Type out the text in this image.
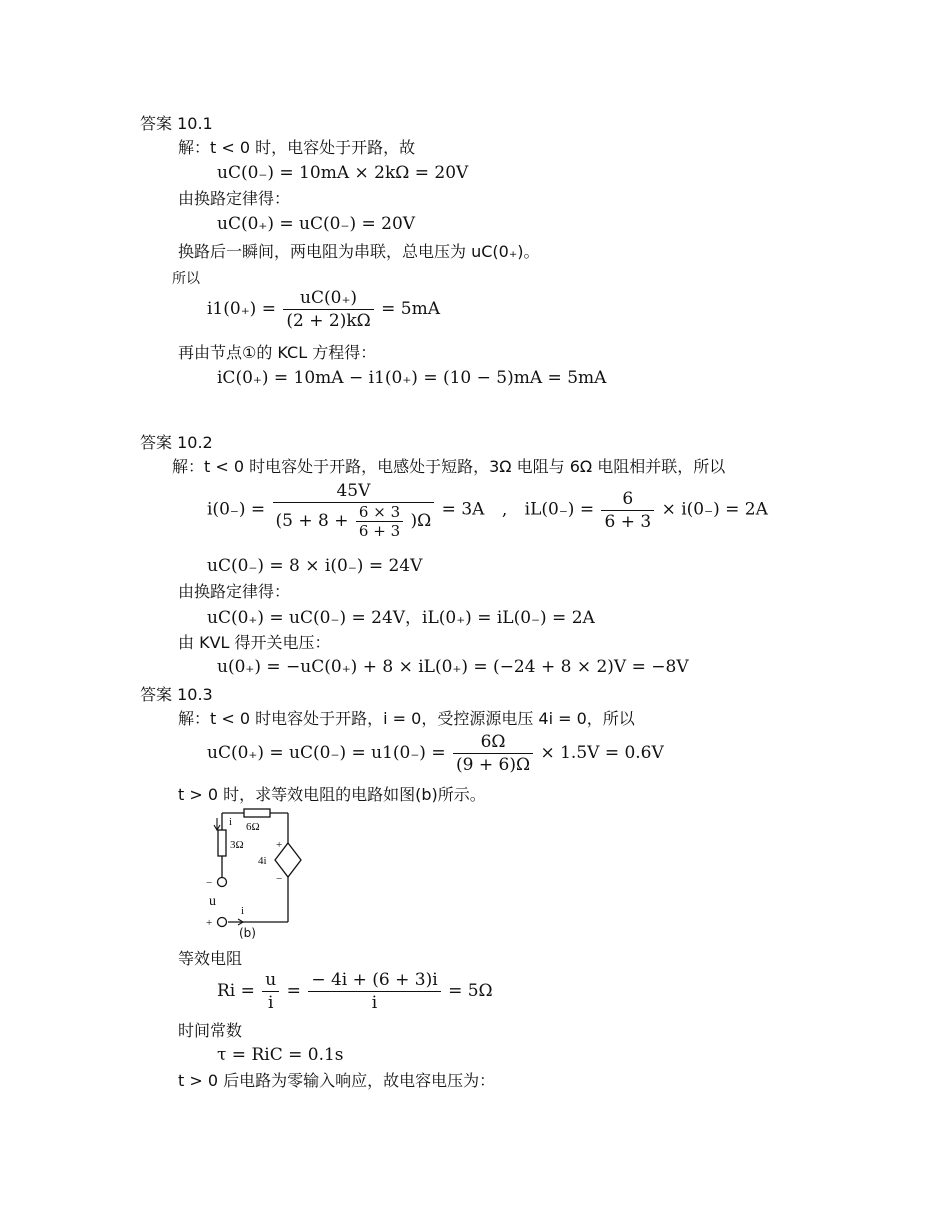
答案 10.1
解：t < 0 时，电容处于开路，故
uC(0₋) = 10mA × 2kΩ = 20V
由换路定律得：
uC(0₊) = uC(0₋) = 20V
换路后一瞬间，两电阻为串联，总电压为 uC(0₊)。
所以
$i1(0_+) = \frac{uC(0_+)}{(2 + 2)k\Omega} = 5mA$
再由节点①的 KCL 方程得：
iC(0₊) = 10mA − i1(0₊) = (10 − 5)mA = 5mA
答案 10.2
解：t < 0 时电容处于开路，电感处于短路，3Ω 电阻与 6Ω 电阻相并联，所以
$i(0_-) = \frac{45V}{(5 + 8 + \frac{6 \times 3}{6 + 3} )\Omega} = 3A$ , $iL(0_-) = \frac{6}{6 + 3} \times i(0_-) = 2A$
uC(0₋) = 8 × i(0₋) = 24V
由换路定律得：
uC(0₊) = uC(0₋) = 24V，iL(0₊) = iL(0₋) = 2A
由 KVL 得开关电压：
u(0₊) = −uC(0₊) + 8 × iL(0₊) = (−24 + 8 × 2)V = −8V
答案 10.3
解：t < 0 时电容处于开路，i = 0，受控源源电压 4i = 0，所以
$uC(0_+) = uC(0_-) = u1(0_-) = \frac{6\Omega}{(9 + 6)\Omega} \times 1.5V = 0.6V$
t > 0 时，求等效电阻的电路如图(b)所示。
i 6Ω
3Ω	+
4i
−
−
u
i
+
(b)
等效电阻
$Ri = \frac{u}{i} = \frac{- 4i + (6 + 3)i}{i} = 5\Omega$
时间常数
τ = RiC = 0.1s
t > 0 后电路为零输入响应，故电容电压为：
